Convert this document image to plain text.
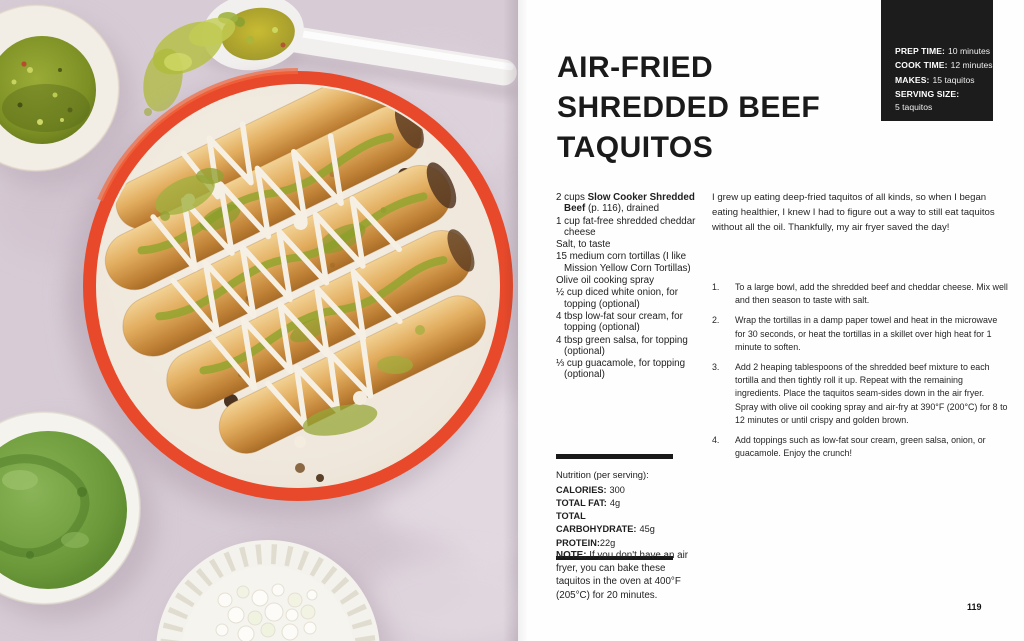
PREP TIME: 10 minutes
COOK TIME: 12 minutes
MAKES: 15 taquitos
SERVING SIZE:
5 taquitos
AIR-FRIED
SHREDDED BEEF
TAQUITOS
2 cups Slow Cooker Shredded Beef (p. 116), drained
1 cup fat-free shredded cheddar cheese
Salt, to taste
15 medium corn tortillas (I like Mission Yellow Corn Tortillas)
Olive oil cooking spray
½ cup diced white onion, for topping (optional)
4 tbsp low-fat sour cream, for topping (optional)
4 tbsp green salsa, for topping (optional)
⅓ cup guacamole, for topping (optional)

I grew up eating deep-fried taquitos of all kinds, so when I began eating healthier, I knew I had to figure out a way to still eat taquitos without all the oil. Thankfully, my air fryer saved the day!

1.	To a large bowl, add the shredded beef and cheddar cheese. Mix well and then season to taste with salt.
2.	Wrap the tortillas in a damp paper towel and heat in the microwave for 30 seconds, or heat the tortillas in a skillet over high heat for 1 minute to soften.
3.	Add 2 heaping tablespoons of the shredded beef mixture to each tortilla and then tightly roll it up. Repeat with the remaining ingredients. Place the taquitos seam-sides down in the air fryer. Spray with olive oil cooking spray and air-fry at 390°F (200°C) for 8 to 12 minutes or until crispy and golden brown.
4.	Add toppings such as low-fat sour cream, green salsa, onion, or guacamole. Enjoy the crunch!
Nutrition (per serving):
CALORIES: 300
TOTAL FAT: 4g
TOTAL CARBOHYDRATE: 45g
PROTEIN:22g

NOTE: If you don't have an air fryer, you can bake these taquitos in the oven at 400°F (205°C) for 20 minutes.

119
